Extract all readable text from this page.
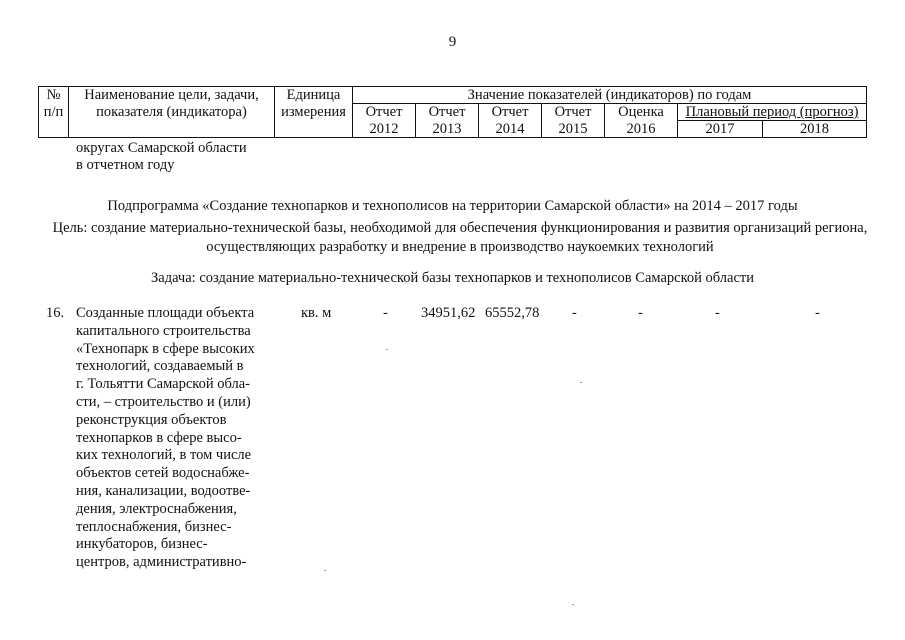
9
№	Наименование цели, задачи,	Единица	Значение показателей (индикаторов) по годам						
п/п	показателя (индикатора)	измерения	Отчет	Отчет	Отчет	Отчет	Оценка	Плановый период (прогноз)	
			2012	2013	2014	2015	2016	2017	2018
округах Самарской области
в отчетном году
Подпрограмма «Создание технопарков и технополисов на территории Самарской области» на 2014 – 2017 годы
Цель: создание материально-технической базы, необходимой для обеспечения функционирования и развития организаций региона, осуществляющих разработку и внедрение в производство наукоемких технологий
Задача: создание материально-технической базы технопарков и технополисов Самарской области
16. Созданные площади объекта
капитального строительства
«Технопарк в сфере высоких
технологий, создаваемый в
г. Тольятти Самарской обла-
сти, – строительство и (или)
реконструкция объектов
технопарков в сфере высо-
ких технологий, в том числе
объектов сетей водоснабже-
ния, канализации, водоотве-
дения, электроснабжения,
теплоснабжения, бизнес-
инкубаторов, бизнес-
центров, административно-
кв. м	- 34951,62 65552,78 -	-	-	-
